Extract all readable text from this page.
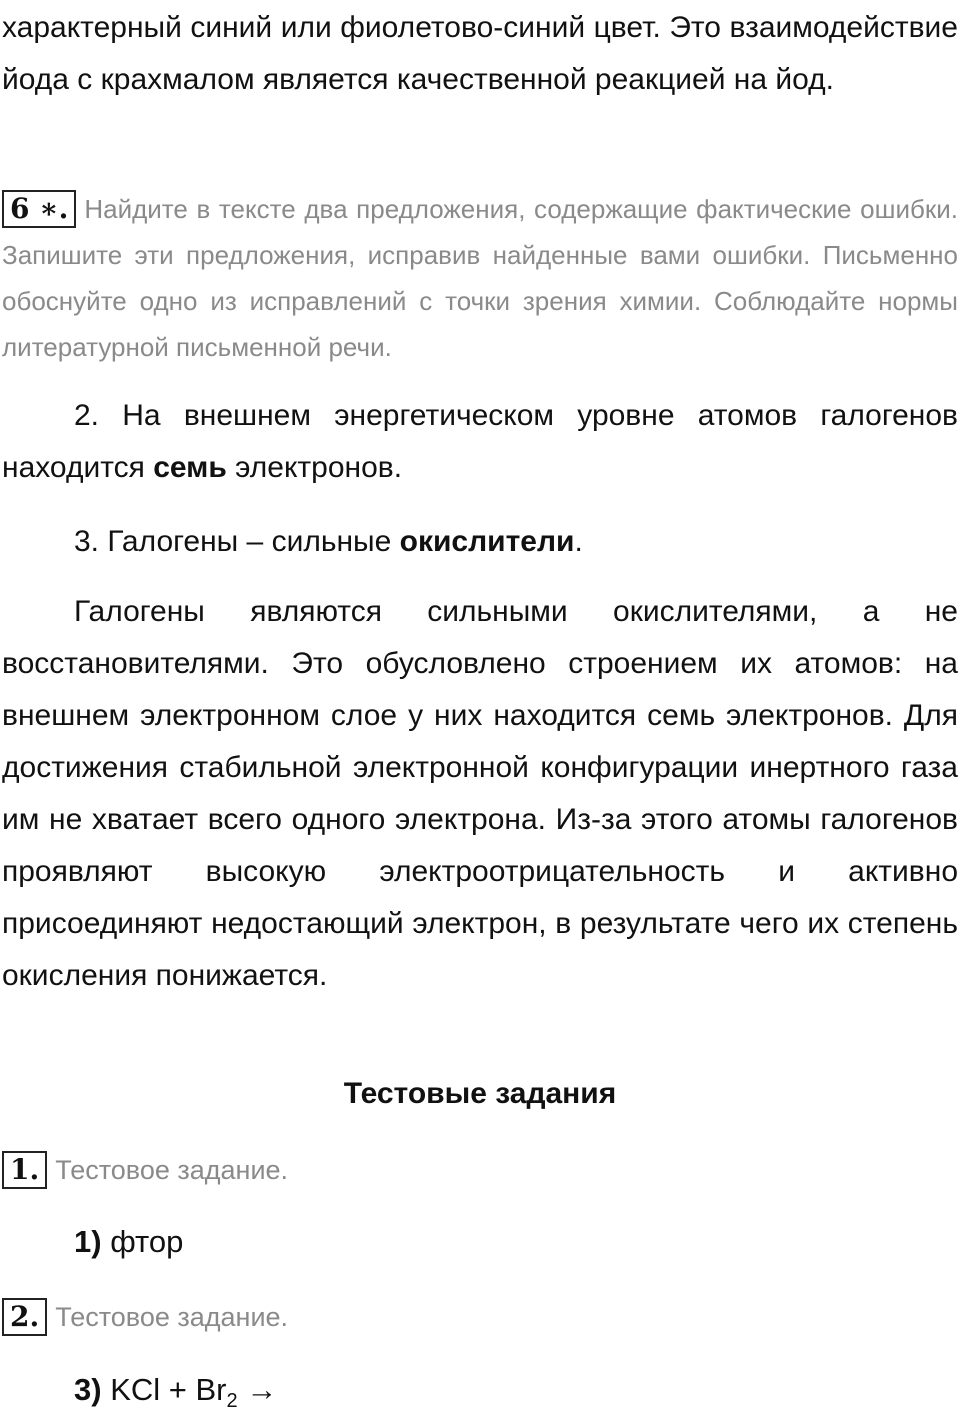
характерный синий или фиолетово-синий цвет. Это взаимодействие йода с крахмалом является качественной реакцией на йод.

6 ∗. Найдите в тексте два предложения, содержащие фактические ошибки. Запишите эти предложения, исправив найденные вами ошибки. Письменно обоснуйте одно из исправлений с точки зрения химии. Соблюдайте нормы литературной письменной речи.

2. На внешнем энергетическом уровне атомов галогенов находится семь электронов.

3. Галогены – сильные окислители.

Галогены являются сильными окислителями, а не восстановителями. Это обусловлено строением их атомов: на внешнем электронном слое у них находится семь электронов. Для достижения стабильной электронной конфигурации инертного газа им не хватает всего одного электрона. Из-за этого атомы галогенов проявляют высокую электроотрицательность и активно присоединяют недостающий электрон, в результате чего их степень окисления понижается.

Тестовые задания

1. Тестовое задание.

1) фтор

2. Тестовое задание.

3) KCl + $Br_2$ →
